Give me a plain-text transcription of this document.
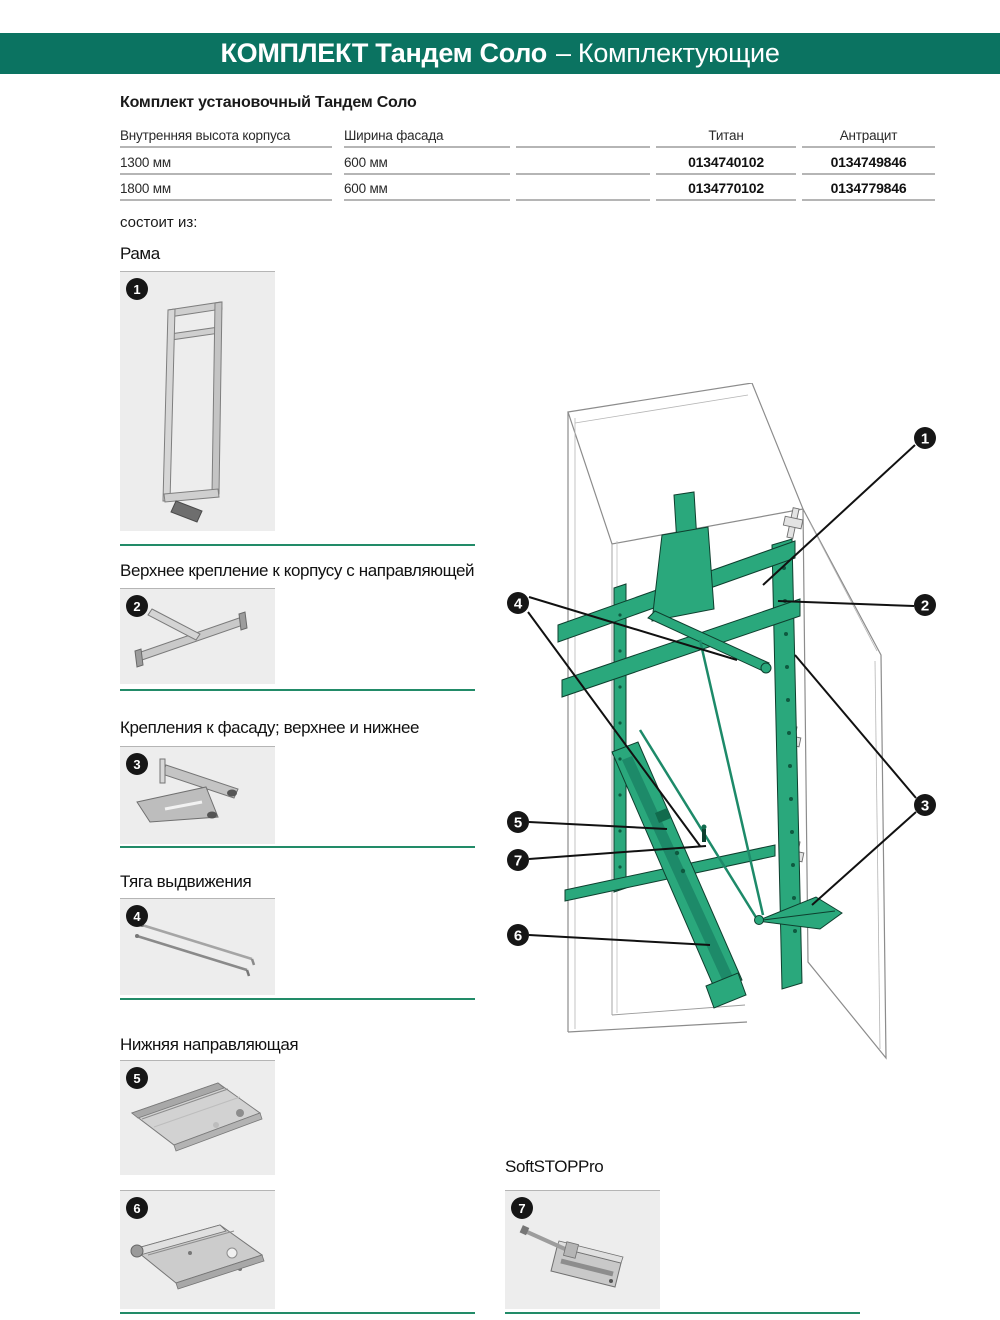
КОМПЛЕКТ Тандем Соло – Комплектующие
Комплект установочный Тандем Соло
Внутренняя высота корпуса	Ширина фасада	Титан	Антрацит
1300 мм	600 мм	0134740102	0134749846
1800 мм	600 мм	0134770102	0134779846
состоит из:
Рама
1
Верхнее крепление к корпусу с направляющей
2
Крепления к фасаду; верхнее и нижнее
3
Тяга выдвижения
4
Нижняя направляющая
5
6
SoftSTOPPro
7
1
2
3
4
5
7
6
